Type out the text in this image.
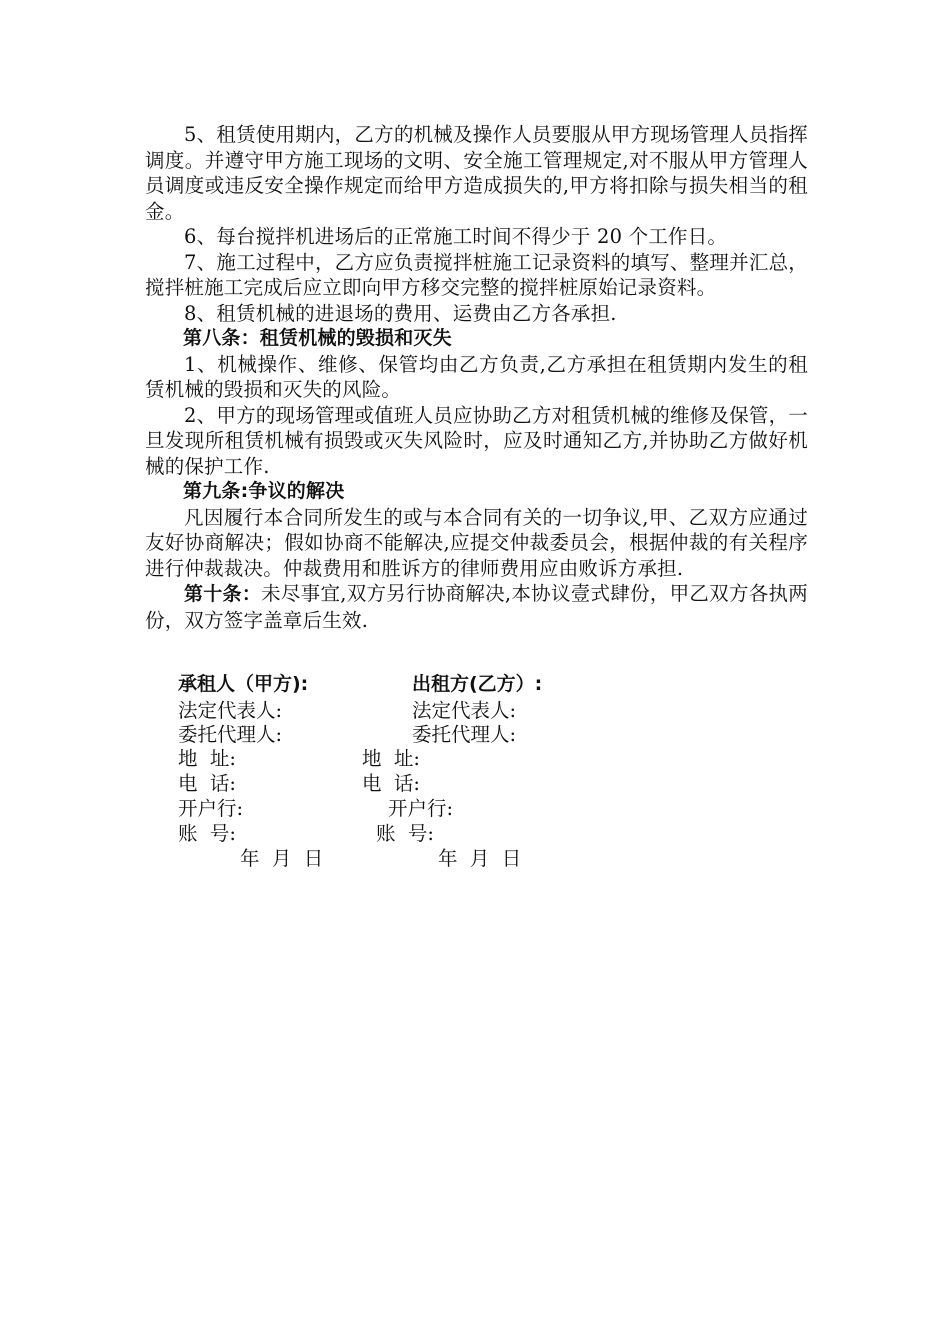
5、租赁使用期内，乙方的机械及操作人员要服从甲方现场管理人员指挥调度。并遵守甲方施工现场的文明、安全施工管理规定,对不服从甲方管理人员调度或违反安全操作规定而给甲方造成损失的,甲方将扣除与损失相当的租金。

6、每台搅拌机进场后的正常施工时间不得少于 20 个工作日。

7、施工过程中，乙方应负责搅拌桩施工记录资料的填写、整理并汇总，搅拌桩施工完成后应立即向甲方移交完整的搅拌桩原始记录资料。

8、租赁机械的进退场的费用、运费由乙方各承担.

第八条：租赁机械的毁损和灭失

1、机械操作、维修、保管均由乙方负责,乙方承担在租赁期内发生的租赁机械的毁损和灭失的风险。

2、甲方的现场管理或值班人员应协助乙方对租赁机械的维修及保管，一旦发现所租赁机械有损毁或灭失风险时，应及时通知乙方,并协助乙方做好机械的保护工作.

第九条:争议的解决

凡因履行本合同所发生的或与本合同有关的一切争议,甲、乙双方应通过友好协商解决；假如协商不能解决,应提交仲裁委员会，根据仲裁的有关程序进行仲裁裁决。仲裁费用和胜诉方的律师费用应由败诉方承担.

第十条：未尽事宜,双方另行协商解决,本协议壹式肆份，甲乙双方各执两份，双方签字盖章后生效.

承租人（甲方):
法定代表人:
委托代理人:
地  址:
电  话:
开户行:
账  号:
年  月  日
出租方(乙方）:
法定代表人:
委托代理人:
地  址:
电  话:
开户行:
账  号:
年  月  日
